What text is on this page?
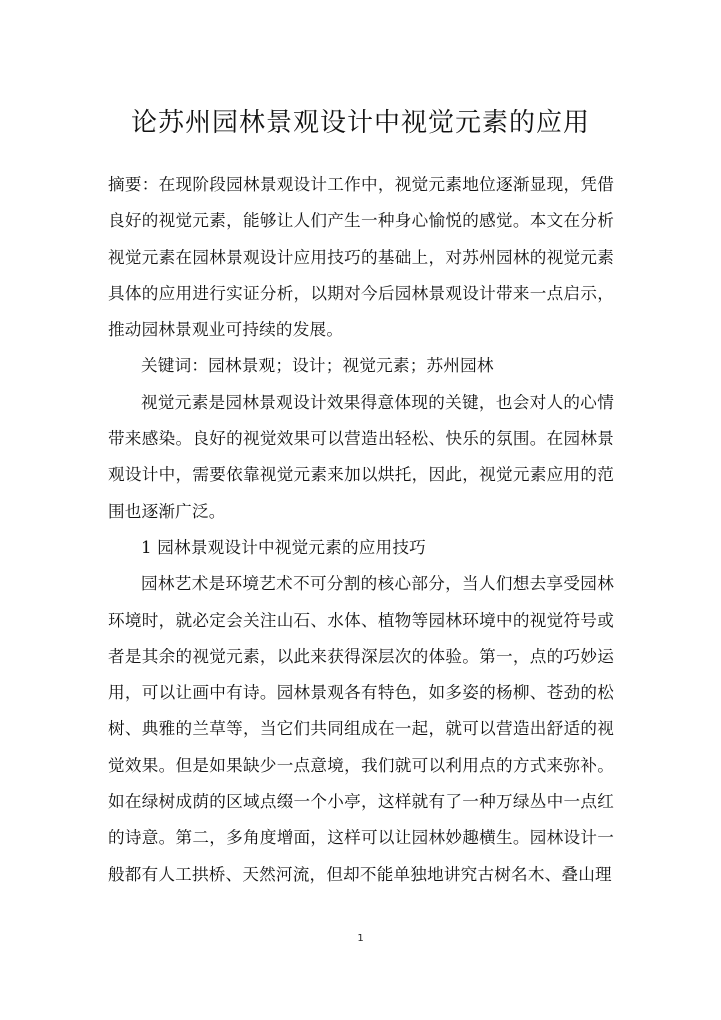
论苏州园林景观设计中视觉元素的应用

摘要：在现阶段园林景观设计工作中，视觉元素地位逐渐显现，凭借良好的视觉元素，能够让人们产生一种身心愉悦的感觉。本文在分析视觉元素在园林景观设计应用技巧的基础上，对苏州园林的视觉元素具体的应用进行实证分析，以期对今后园林景观设计带来一点启示，推动园林景观业可持续的发展。

关键词：园林景观；设计；视觉元素；苏州园林

视觉元素是园林景观设计效果得意体现的关键，也会对人的心情带来感染。良好的视觉效果可以营造出轻松、快乐的氛围。在园林景观设计中，需要依靠视觉元素来加以烘托，因此，视觉元素应用的范围也逐渐广泛。

1 园林景观设计中视觉元素的应用技巧

园林艺术是环境艺术不可分割的核心部分，当人们想去享受园林环境时，就必定会关注山石、水体、植物等园林环境中的视觉符号或者是其余的视觉元素，以此来获得深层次的体验。第一，点的巧妙运用，可以让画中有诗。园林景观各有特色，如多姿的杨柳、苍劲的松树、典雅的兰草等，当它们共同组成在一起，就可以营造出舒适的视觉效果。但是如果缺少一点意境，我们就可以利用点的方式来弥补。如在绿树成荫的区域点缀一个小亭，这样就有了一种万绿丛中一点红的诗意。第二，多角度增面，这样可以让园林妙趣横生。园林设计一般都有人工拱桥、天然河流，但却不能单独地讲究古树名木、叠山理

1
